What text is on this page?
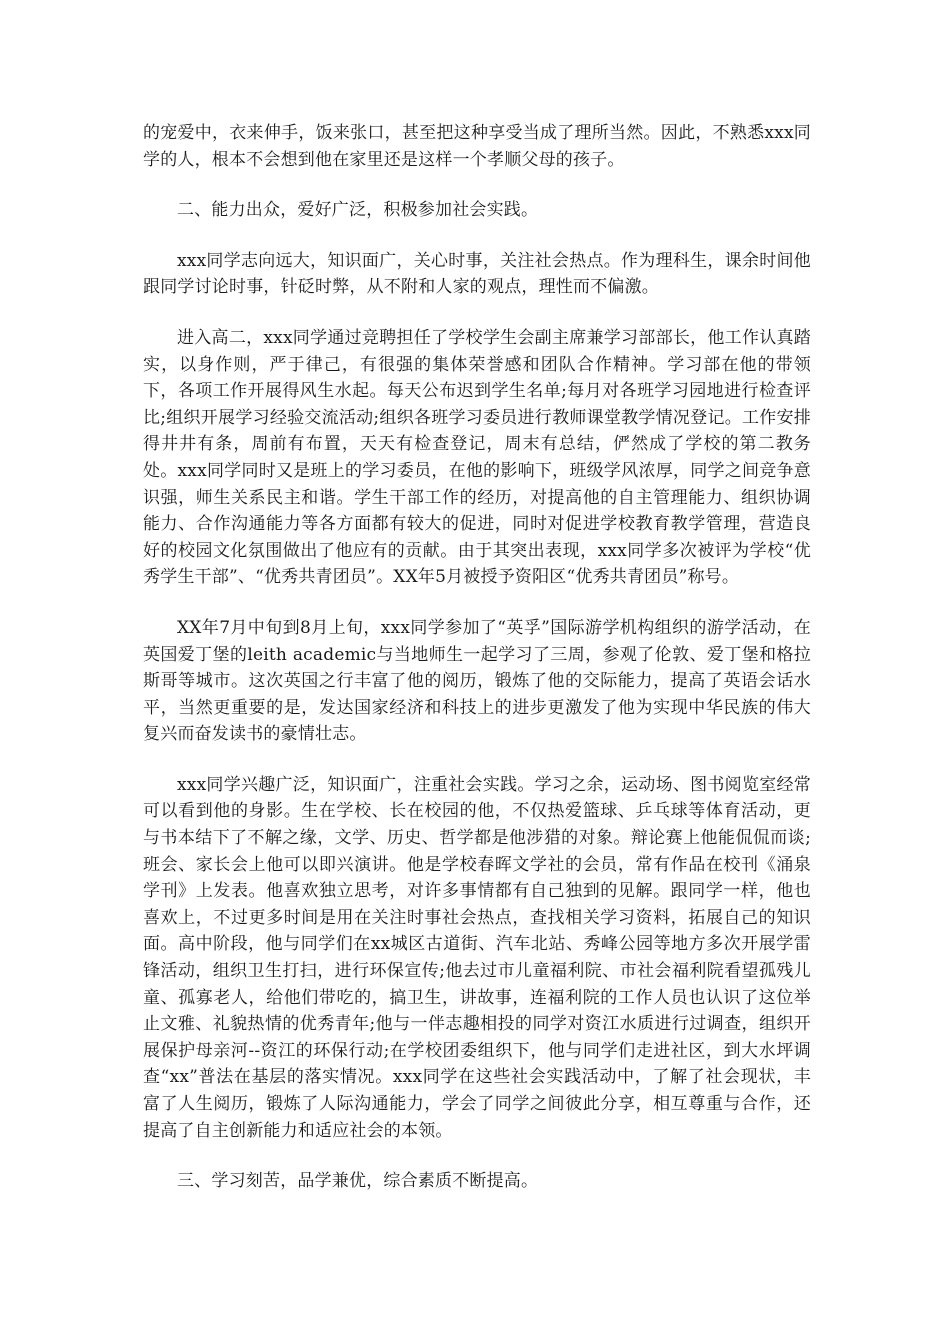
的宠爱中，衣来伸手，饭来张口，甚至把这种享受当成了理所当然。因此，不熟悉xxx同学的人，根本不会想到他在家里还是这样一个孝顺父母的孩子。

二、能力出众，爱好广泛，积极参加社会实践。

xxx同学志向远大，知识面广，关心时事，关注社会热点。作为理科生，课余时间他跟同学讨论时事，针砭时弊，从不附和人家的观点，理性而不偏激。

进入高二，xxx同学通过竞聘担任了学校学生会副主席兼学习部部长，他工作认真踏实，以身作则，严于律己，有很强的集体荣誉感和团队合作精神。学习部在他的带领下，各项工作开展得风生水起。每天公布迟到学生名单;每月对各班学习园地进行检查评比;组织开展学习经验交流活动;组织各班学习委员进行教师课堂教学情况登记。工作安排得井井有条，周前有布置，天天有检查登记，周末有总结，俨然成了学校的第二教务处。xxx同学同时又是班上的学习委员，在他的影响下，班级学风浓厚，同学之间竞争意识强，师生关系民主和谐。学生干部工作的经历，对提高他的自主管理能力、组织协调能力、合作沟通能力等各方面都有较大的促进，同时对促进学校教育教学管理，营造良好的校园文化氛围做出了他应有的贡献。由于其突出表现，xxx同学多次被评为学校“优秀学生干部”、“优秀共青团员”。XX年5月被授予资阳区“优秀共青团员”称号。

XX年7月中旬到8月上旬，xxx同学参加了“英孚”国际游学机构组织的游学活动，在英国爱丁堡的leith academic与当地师生一起学习了三周，参观了伦敦、爱丁堡和格拉斯哥等城市。这次英国之行丰富了他的阅历，锻炼了他的交际能力，提高了英语会话水平，当然更重要的是，发达国家经济和科技上的进步更激发了他为实现中华民族的伟大复兴而奋发读书的豪情壮志。

xxx同学兴趣广泛，知识面广，注重社会实践。学习之余，运动场、图书阅览室经常可以看到他的身影。生在学校、长在校园的他，不仅热爱篮球、乒乓球等体育活动，更与书本结下了不解之缘，文学、历史、哲学都是他涉猎的对象。辩论赛上他能侃侃而谈;班会、家长会上他可以即兴演讲。他是学校春晖文学社的会员，常有作品在校刊《涌泉学刊》上发表。他喜欢独立思考，对许多事情都有自己独到的见解。跟同学一样，他也喜欢上，不过更多时间是用在关注时事社会热点，查找相关学习资料，拓展自己的知识面。高中阶段，他与同学们在xx城区古道街、汽车北站、秀峰公园等地方多次开展学雷锋活动，组织卫生打扫，进行环保宣传;他去过市儿童福利院、市社会福利院看望孤残儿童、孤寡老人，给他们带吃的，搞卫生，讲故事，连福利院的工作人员也认识了这位举止文雅、礼貌热情的优秀青年;他与一伴志趣相投的同学对资江水质进行过调查，组织开展保护母亲河--资江的环保行动;在学校团委组织下，他与同学们走进社区，到大水坪调查“xx”普法在基层的落实情况。xxx同学在这些社会实践活动中，了解了社会现状，丰富了人生阅历，锻炼了人际沟通能力，学会了同学之间彼此分享，相互尊重与合作，还提高了自主创新能力和适应社会的本领。

三、学习刻苦，品学兼优，综合素质不断提高。
